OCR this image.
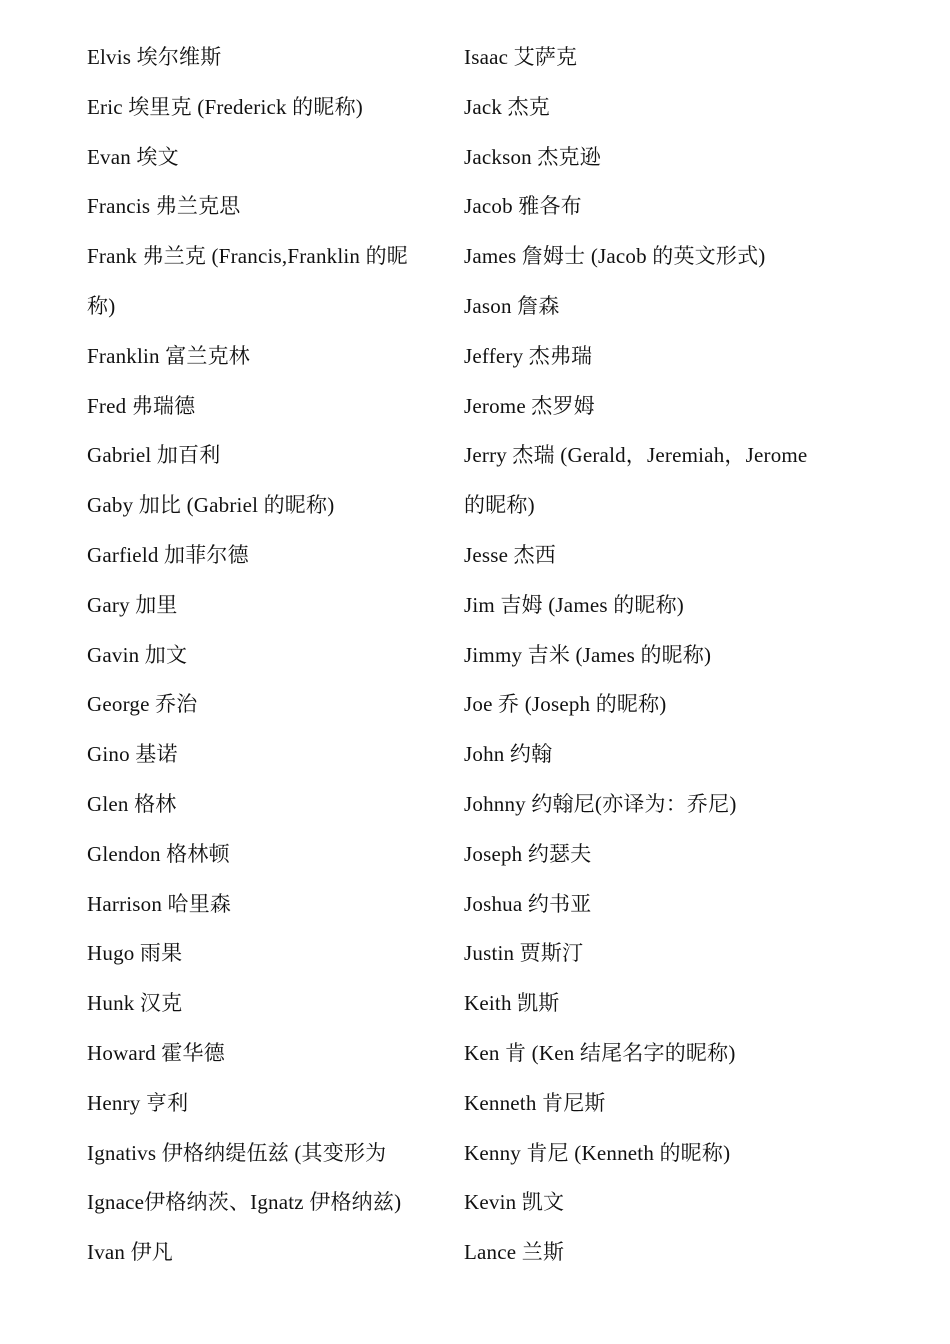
Elvis 埃尔维斯
Eric 埃里克 (Frederick 的昵称)
Evan 埃文
Francis 弗兰克思
Frank 弗兰克 (Francis,Franklin 的昵
称)
Franklin 富兰克林
Fred 弗瑞德
Gabriel 加百利
Gaby 加比 (Gabriel 的昵称)
Garfield 加菲尔德
Gary 加里
Gavin 加文
George 乔治
Gino 基诺
Glen 格林
Glendon 格林顿
Harrison 哈里森
Hugo 雨果
Hunk 汉克
Howard 霍华德
Henry 亨利
Ignativs 伊格纳缇伍兹 (其变形为
Ignace伊格纳茨、Ignatz 伊格纳兹)
Ivan 伊凡
Isaac 艾萨克
Jack 杰克
Jackson 杰克逊
Jacob 雅各布
James 詹姆士 (Jacob 的英文形式)
Jason 詹森
Jeffery 杰弗瑞
Jerome 杰罗姆
Jerry 杰瑞 (Gerald，Jeremiah，Jerome
的昵称)
Jesse 杰西
Jim 吉姆 (James 的昵称)
Jimmy 吉米 (James 的昵称)
Joe 乔 (Joseph 的昵称)
John 约翰
Johnny 约翰尼(亦译为：乔尼)
Joseph 约瑟夫
Joshua 约书亚
Justin 贾斯汀
Keith 凯斯
Ken 肯 (Ken 结尾名字的昵称)
Kenneth 肯尼斯
Kenny 肯尼 (Kenneth 的昵称)
Kevin 凯文
Lance 兰斯
